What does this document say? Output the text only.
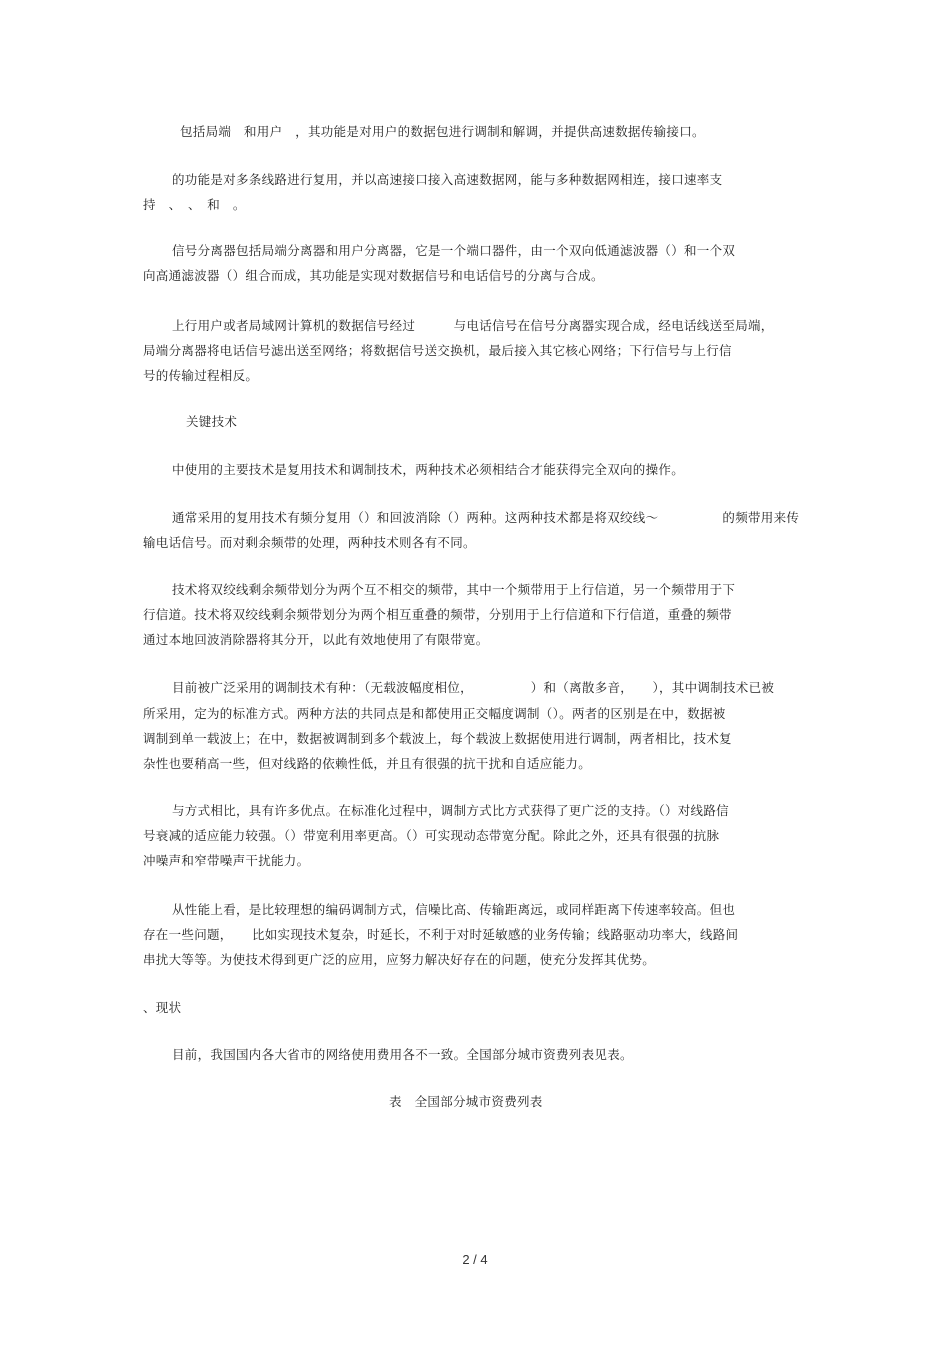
包括局端　和用户　，其功能是对用户的数据包进行调制和解调，并提供高速数据传输接口。
的功能是对多条线路进行复用，并以高速接口接入高速数据网，能与多种数据网相连，接口速率支
持　、　、　和　。
信号分离器包括局端分离器和用户分离器，它是一个端口器件，由一个双向低通滤波器（）和一个双
向高通滤波器（）组合而成，其功能是实现对数据信号和电话信号的分离与合成。
上行用户或者局域网计算机的数据信号经过　　　与电话信号在信号分离器实现合成，经电话线送至局端，
局端分离器将电话信号滤出送至网络；将数据信号送交换机，最后接入其它核心网络；下行信号与上行信
号的传输过程相反。
关键技术
中使用的主要技术是复用技术和调制技术，两种技术必须相结合才能获得完全双向的操作。
通常采用的复用技术有频分复用（）和回波消除（）两种。这两种技术都是将双绞线～　　　　　的频带用来传
输电话信号。而对剩余频带的处理，两种技术则各有不同。
技术将双绞线剩余频带划分为两个互不相交的频带，其中一个频带用于上行信道，另一个频带用于下
行信道。技术将双绞线剩余频带划分为两个相互重叠的频带，分别用于上行信道和下行信道，重叠的频带
通过本地回波消除器将其分开，以此有效地使用了有限带宽。
目前被广泛采用的调制技术有种：（无载波幅度相位，　　　　　）和（离散多音，　　），其中调制技术已被
所采用，定为的标准方式。两种方法的共同点是和都使用正交幅度调制（）。两者的区别是在中，数据被
调制到单一载波上；在中，数据被调制到多个载波上，每个载波上数据使用进行调制，两者相比，技术复
杂性也要稍高一些，但对线路的依赖性低，并且有很强的抗干扰和自适应能力。
与方式相比，具有许多优点。在标准化过程中，调制方式比方式获得了更广泛的支持。（）对线路信
号衰减的适应能力较强。（）带宽利用率更高。（）可实现动态带宽分配。除此之外，还具有很强的抗脉
冲噪声和窄带噪声干扰能力。
从性能上看，是比较理想的编码调制方式，信噪比高、传输距离远，或同样距离下传速率较高。但也
存在一些问题，　　比如实现技术复杂，时延长，不利于对时延敏感的业务传输；线路驱动功率大，线路间
串扰大等等。为使技术得到更广泛的应用，应努力解决好存在的问题，使充分发挥其优势。
、现状
目前，我国国内各大省市的网络使用费用各不一致。全国部分城市资费列表见表。
表　全国部分城市资费列表
2 / 4
